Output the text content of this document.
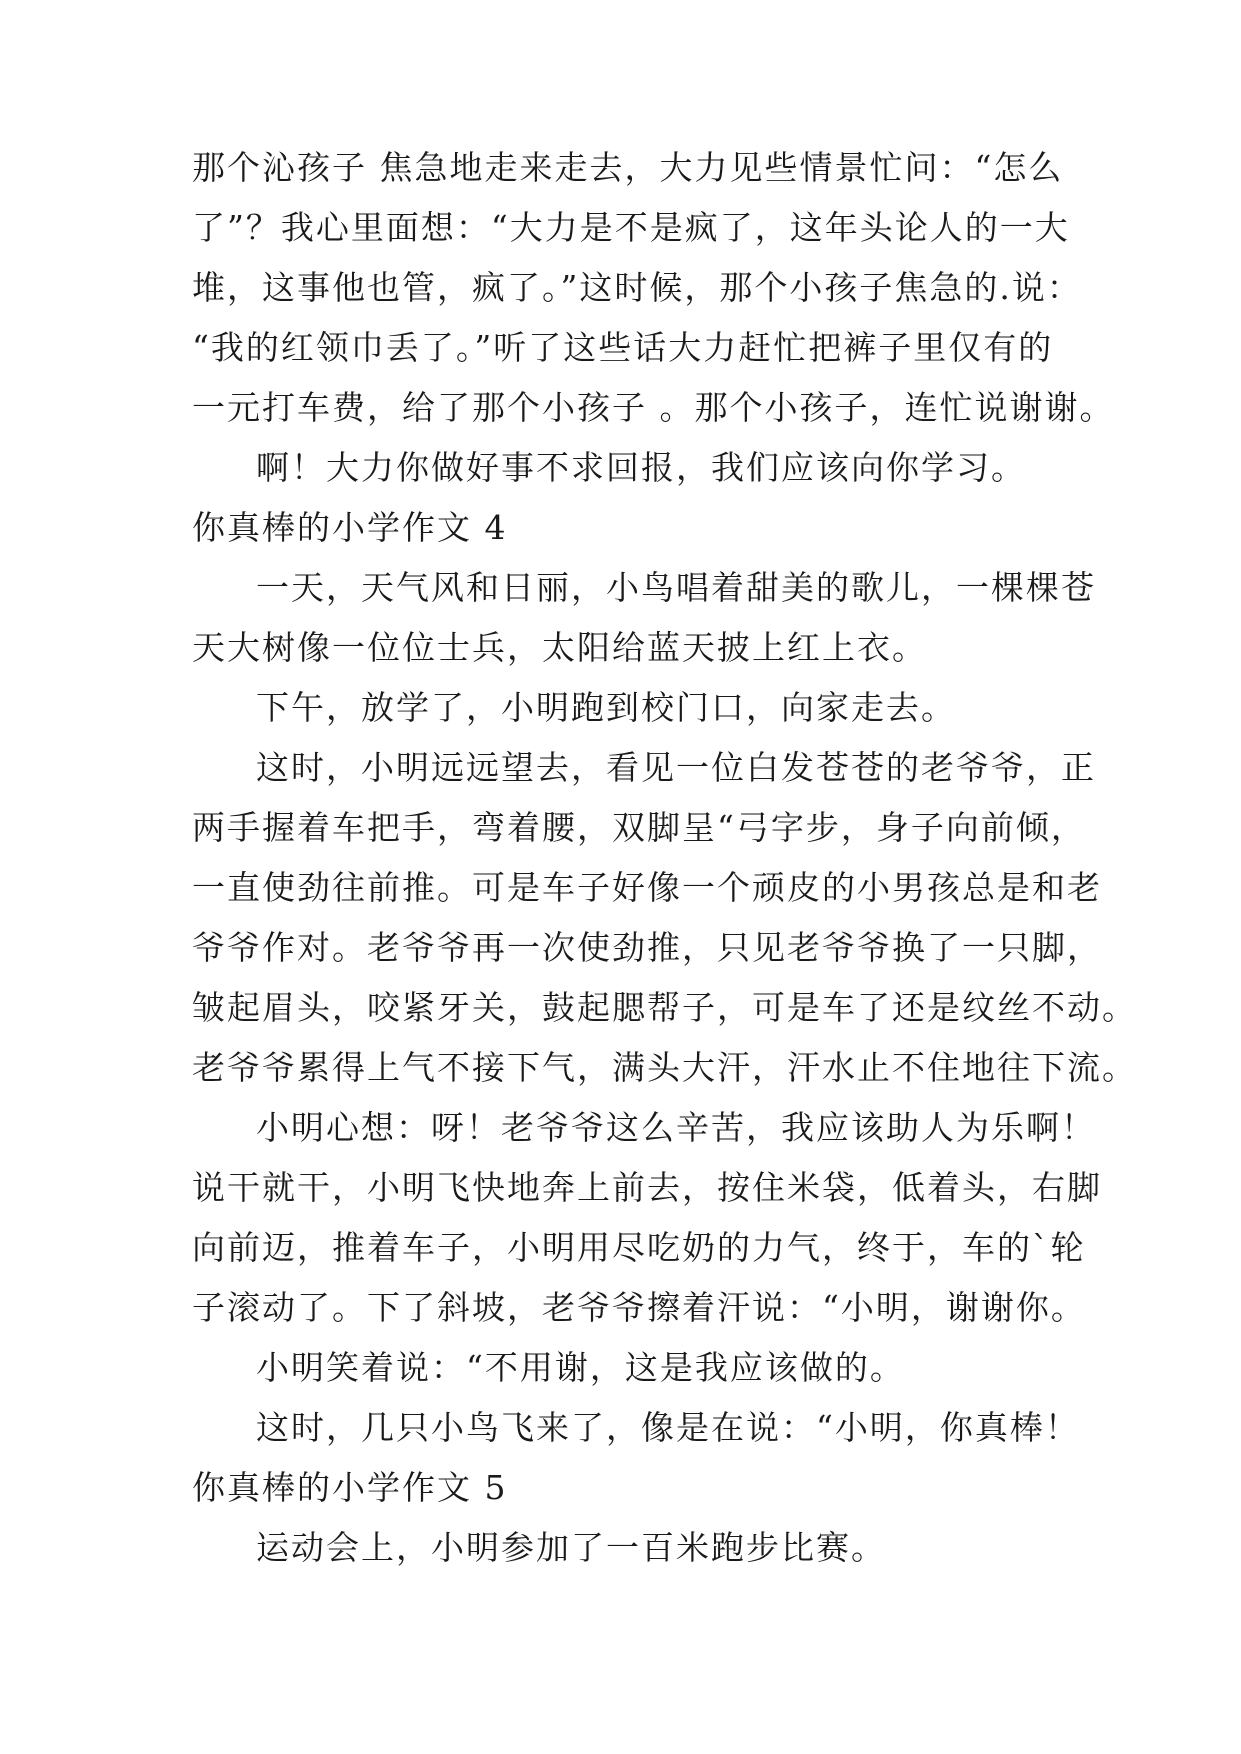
那个沁孩子 焦急地走来走去，大力见些情景忙问：“怎么
了”？我心里面想：“大力是不是疯了，这年头论人的一大
堆，这事他也管，疯了。”这时候，那个小孩子焦急的.说：
“我的红领巾丢了。”听了这些话大力赶忙把裤子里仅有的
一元打车费，给了那个小孩子 。那个小孩子，连忙说谢谢。
啊！大力你做好事不求回报，我们应该向你学习。
你真棒的小学作文 4
一天，天气风和日丽，小鸟唱着甜美的歌儿，一棵棵苍
天大树像一位位士兵，太阳给蓝天披上红上衣。
下午，放学了，小明跑到校门口，向家走去。
这时，小明远远望去，看见一位白发苍苍的老爷爷，正
两手握着车把手，弯着腰，双脚呈“弓字步，身子向前倾，
一直使劲往前推。可是车子好像一个顽皮的小男孩总是和老
爷爷作对。老爷爷再一次使劲推，只见老爷爷换了一只脚，
皱起眉头，咬紧牙关，鼓起腮帮子，可是车了还是纹丝不动。
老爷爷累得上气不接下气，满头大汗，汗水止不住地往下流。
小明心想：呀！老爷爷这么辛苦，我应该助人为乐啊！
说干就干，小明飞快地奔上前去，按住米袋，低着头，右脚
向前迈，推着车子，小明用尽吃奶的力气，终于，车的`轮
子滚动了。下了斜坡，老爷爷擦着汗说：“小明，谢谢你。
小明笑着说：“不用谢，这是我应该做的。
这时，几只小鸟飞来了，像是在说：“小明，你真棒！
你真棒的小学作文 5
运动会上，小明参加了一百米跑步比赛。
